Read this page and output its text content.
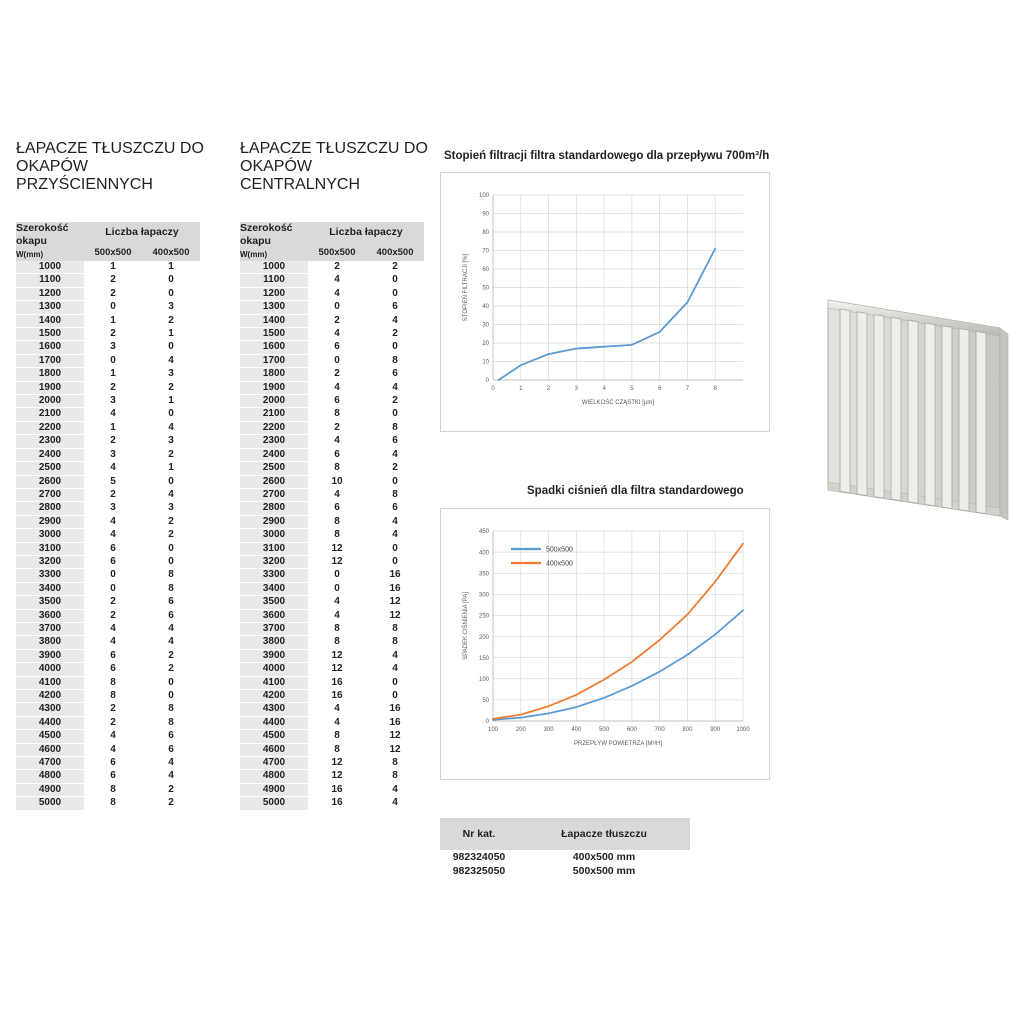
ŁAPACZE TŁUSZCZU DO OKAPÓW PRZYŚCIENNYCH
Szerokość okapu
W(mm)	Liczba łapaczy	
	500x500	400x500
1000	1	1
1100	2	0
1200	2	0
1300	0	3
1400	1	2
1500	2	1
1600	3	0
1700	0	4
1800	1	3
1900	2	2
2000	3	1
2100	4	0
2200	1	4
2300	2	3
2400	3	2
2500	4	1
2600	5	0
2700	2	4
2800	3	3
2900	4	2
3000	4	2
3100	6	0
3200	6	0
3300	0	8
3400	0	8
3500	2	6
3600	2	6
3700	4	4
3800	4	4
3900	6	2
4000	6	2
4100	8	0
4200	8	0
4300	2	8
4400	2	8
4500	4	6
4600	4	6
4700	6	4
4800	6	4
4900	8	2
5000	8	2
ŁAPACZE TŁUSZCZU DO OKAPÓW CENTRALNYCH
Szerokość okapu
W(mm)	Liczba łapaczy	
	500x500	400x500
1000	2	2
1100	4	0
1200	4	0
1300	0	6
1400	2	4
1500	4	2
1600	6	0
1700	0	8
1800	2	6
1900	4	4
2000	6	2
2100	8	0
2200	2	8
2300	4	6
2400	6	4
2500	8	2
2600	10	0
2700	4	8
2800	6	6
2900	8	4
3000	8	4
3100	12	0
3200	12	0
3300	0	16
3400	0	16
3500	4	12
3600	4	12
3700	8	8
3800	8	8
3900	12	4
4000	12	4
4100	16	0
4200	16	0
4300	4	16
4400	4	16
4500	8	12
4600	8	12
4700	12	8
4800	12	8
4900	16	4
5000	16	4
Stopień filtracji filtra standardowego dla przepływu 700m³/h
0
10
20
30
40
50
60
70
80
90
100
0	1	2	3	4	5	6	7	8
WIELKOŚĆ CZĄSTKI [µm]
STOPIEŃ FILTRACJI [%]
Spadki ciśnień dla filtra standardowego
0
50
100
150
200
250
300
350
400
450
100	200	300	400	500	600	700	800	900	1000
PRZEPŁYW POWIETRZA [M³/H]
SPADEK CIŚNIENIA [PA]
500x500
400x500
Nr kat.	Łapacze tłuszczu
982324050	400x500 mm
982325050	500x500 mm
